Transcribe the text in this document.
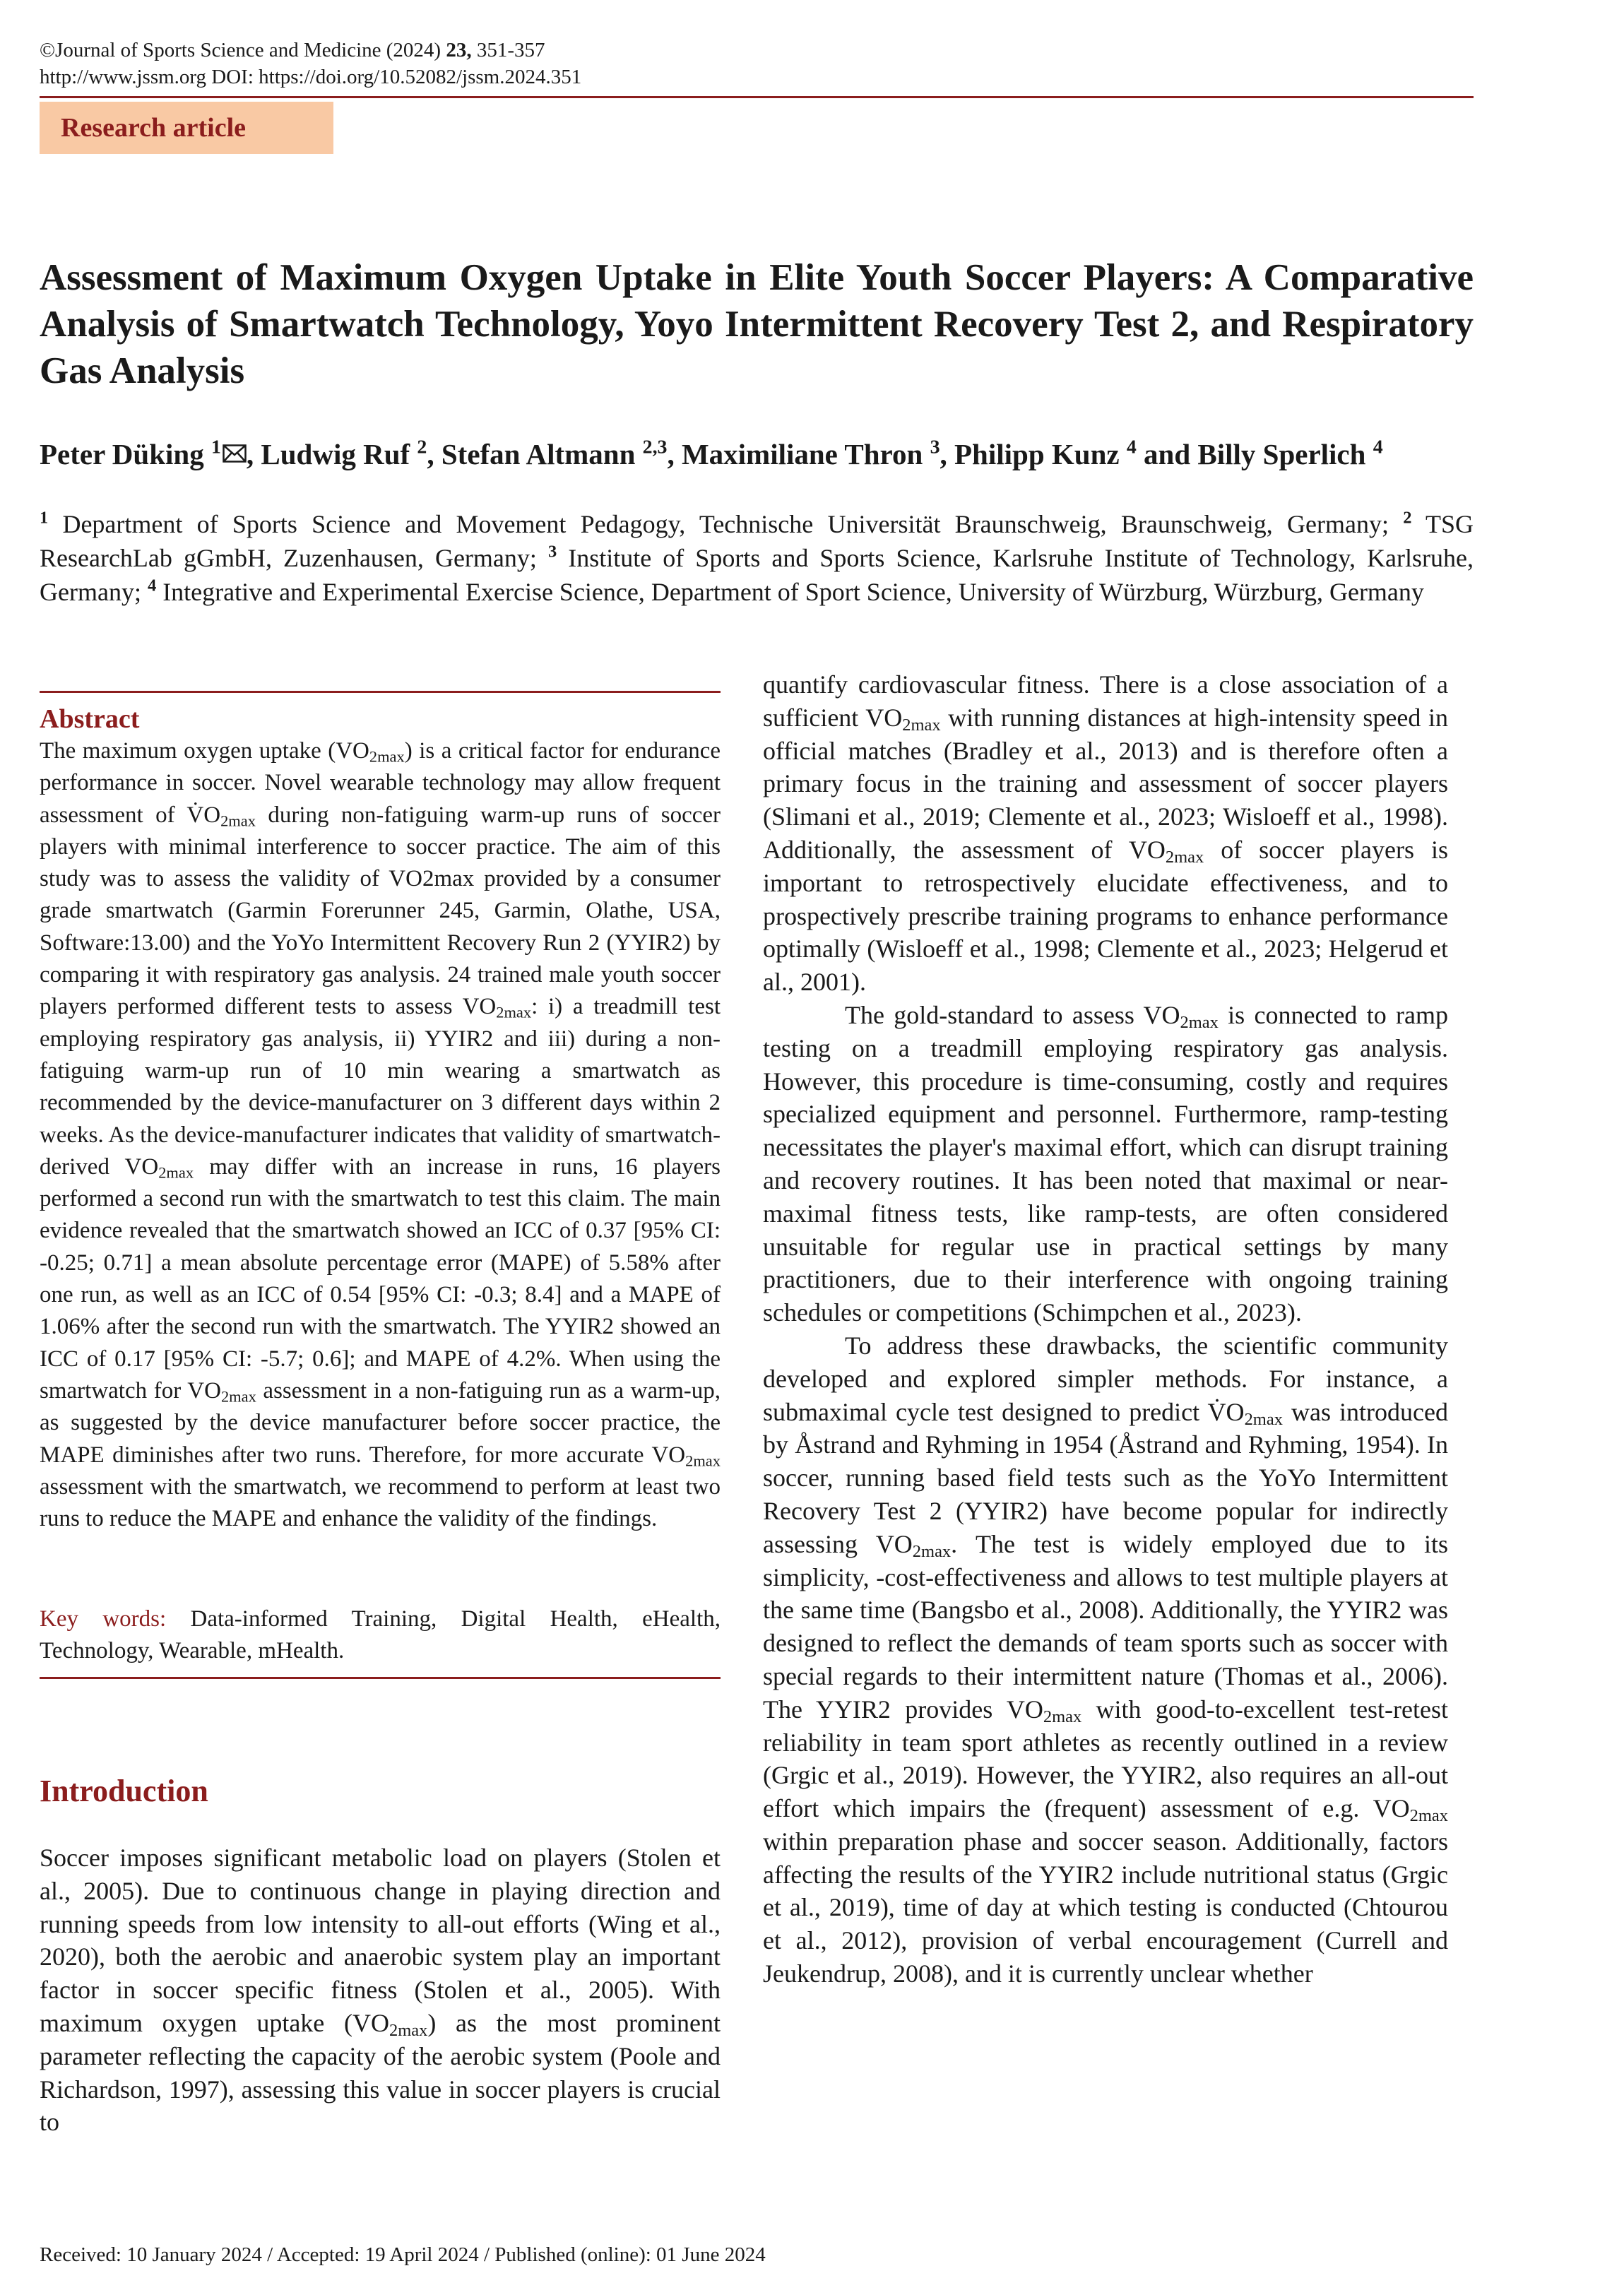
©Journal of Sports Science and Medicine (2024) 23, 351-357
http://www.jssm.org DOI: https://doi.org/10.52082/jssm.2024.351
Research article
Assessment of Maximum Oxygen Uptake in Elite Youth Soccer Players: A Comparative Analysis of Smartwatch Technology, Yoyo Intermittent Recovery Test 2, and Respiratory Gas Analysis
Peter Düking $^1$ , Ludwig Ruf $^2$, Stefan Altmann $^{2,3}$, Maximiliane Thron $^3$, Philipp Kunz $^4$ and Billy Sperlich $^4$
$^1$ Department of Sports Science and Movement Pedagogy, Technische Universität Braunschweig, Braunschweig, Germany; $^2$ TSG ResearchLab gGmbH, Zuzenhausen, Germany; $^3$ Institute of Sports and Sports Science, Karlsruhe Institute of Technology, Karlsruhe, Germany; $^4$ Integrative and Experimental Exercise Science, Department of Sport Science, University of Würzburg, Würzburg, Germany
Abstract

The maximum oxygen uptake $(VO_{2max})$ is a critical factor for endurance performance in soccer. Novel wearable technology may allow frequent assessment of $V̇O_{2max}$ during non-fatiguing warm-up runs of soccer players with minimal interference to soccer practice. The aim of this study was to assess the validity of VO2max provided by a consumer grade smartwatch (Garmin Forerunner 245, Garmin, Olathe, USA, Software:13.00) and the YoYo Intermittent Recovery Run 2 (YYIR2) by comparing it with respiratory gas analysis. 24 trained male youth soccer players performed different tests to assess $VO_{2max}$: i) a treadmill test employing respiratory gas analysis, ii) YYIR2 and iii) during a non-fatiguing warm-up run of 10 min wearing a smartwatch as recommended by the device-manufacturer on 3 different days within 2 weeks. As the device-manufacturer indicates that validity of smartwatch-derived $VO_{2max}$ may differ with an increase in runs, 16 players performed a second run with the smartwatch to test this claim. The main evidence revealed that the smartwatch showed an ICC of 0.37 [95% CI: -0.25; 0.71] a mean absolute percentage error (MAPE) of 5.58% after one run, as well as an ICC of 0.54 [95% CI: -0.3; 8.4] and a MAPE of 1.06% after the second run with the smartwatch. The YYIR2 showed an ICC of 0.17 [95% CI: -5.7; 0.6]; and MAPE of 4.2%. When using the smartwatch for $VO_{2max}$ assessment in a non-fatiguing run as a warm-up, as suggested by the device manufacturer before soccer practice, the MAPE diminishes after two runs. Therefore, for more accurate $VO_{2max}$ assessment with the smartwatch, we recommend to perform at least two runs to reduce the MAPE and enhance the validity of the findings.

Key words: Data-informed Training, Digital Health, eHealth, Technology, Wearable, mHealth.

Introduction

Soccer imposes significant metabolic load on players (Stolen et al., 2005). Due to continuous change in playing direction and running speeds from low intensity to all-out efforts (Wing et al., 2020), both the aerobic and anaerobic system play an important factor in soccer specific fitness (Stolen et al., 2005). With maximum oxygen uptake $(VO_{2max})$ as the most prominent parameter reflecting the capacity of the aerobic system (Poole and Richardson, 1997), assessing this value in soccer players is crucial to

quantify cardiovascular fitness. There is a close association of a sufficient $VO_{2max}$ with running distances at high-intensity speed in official matches (Bradley et al., 2013) and is therefore often a primary focus in the training and assessment of soccer players (Slimani et al., 2019; Clemente et al., 2023; Wisloeff et al., 1998). Additionally, the assessment of $VO_{2max}$ of soccer players is important to retrospectively elucidate effectiveness, and to prospectively prescribe training programs to enhance performance optimally (Wisloeff et al., 1998; Clemente et al., 2023; Helgerud et al., 2001).

The gold-standard to assess $VO_{2max}$ is connected to ramp testing on a treadmill employing respiratory gas analysis. However, this procedure is time-consuming, costly and requires specialized equipment and personnel. Furthermore, ramp-testing necessitates the player's maximal effort, which can disrupt training and recovery routines. It has been noted that maximal or near-maximal fitness tests, like ramp-tests, are often considered unsuitable for regular use in practical settings by many practitioners, due to their interference with ongoing training schedules or competitions (Schimpchen et al., 2023).

To address these drawbacks, the scientific community developed and explored simpler methods. For instance, a submaximal cycle test designed to predict $V̇O_{2max}$ was introduced by Åstrand and Ryhming in 1954 (Åstrand and Ryhming, 1954). In soccer, running based field tests such as the YoYo Intermittent Recovery Test 2 (YYIR2) have become popular for indirectly assessing $VO_{2max}$. The test is widely employed due to its simplicity, -cost-effectiveness and allows to test multiple players at the same time (Bangsbo et al., 2008). Additionally, the YYIR2 was designed to reflect the demands of team sports such as soccer with special regards to their intermittent nature (Thomas et al., 2006). The YYIR2 provides $VO_{2max}$ with good-to-excellent test-retest reliability in team sport athletes as recently outlined in a review (Grgic et al., 2019). However, the YYIR2, also requires an all-out effort which impairs the (frequent) assessment of e.g. $VO_{2max}$ within preparation phase and soccer season. Additionally, factors affecting the results of the YYIR2 include nutritional status (Grgic et al., 2019), time of day at which testing is conducted (Chtourou et al., 2012), provision of verbal encouragement (Currell and Jeukendrup, 2008), and it is currently unclear whether

Received: 10 January 2024 / Accepted: 19 April 2024 / Published (online): 01 June 2024
